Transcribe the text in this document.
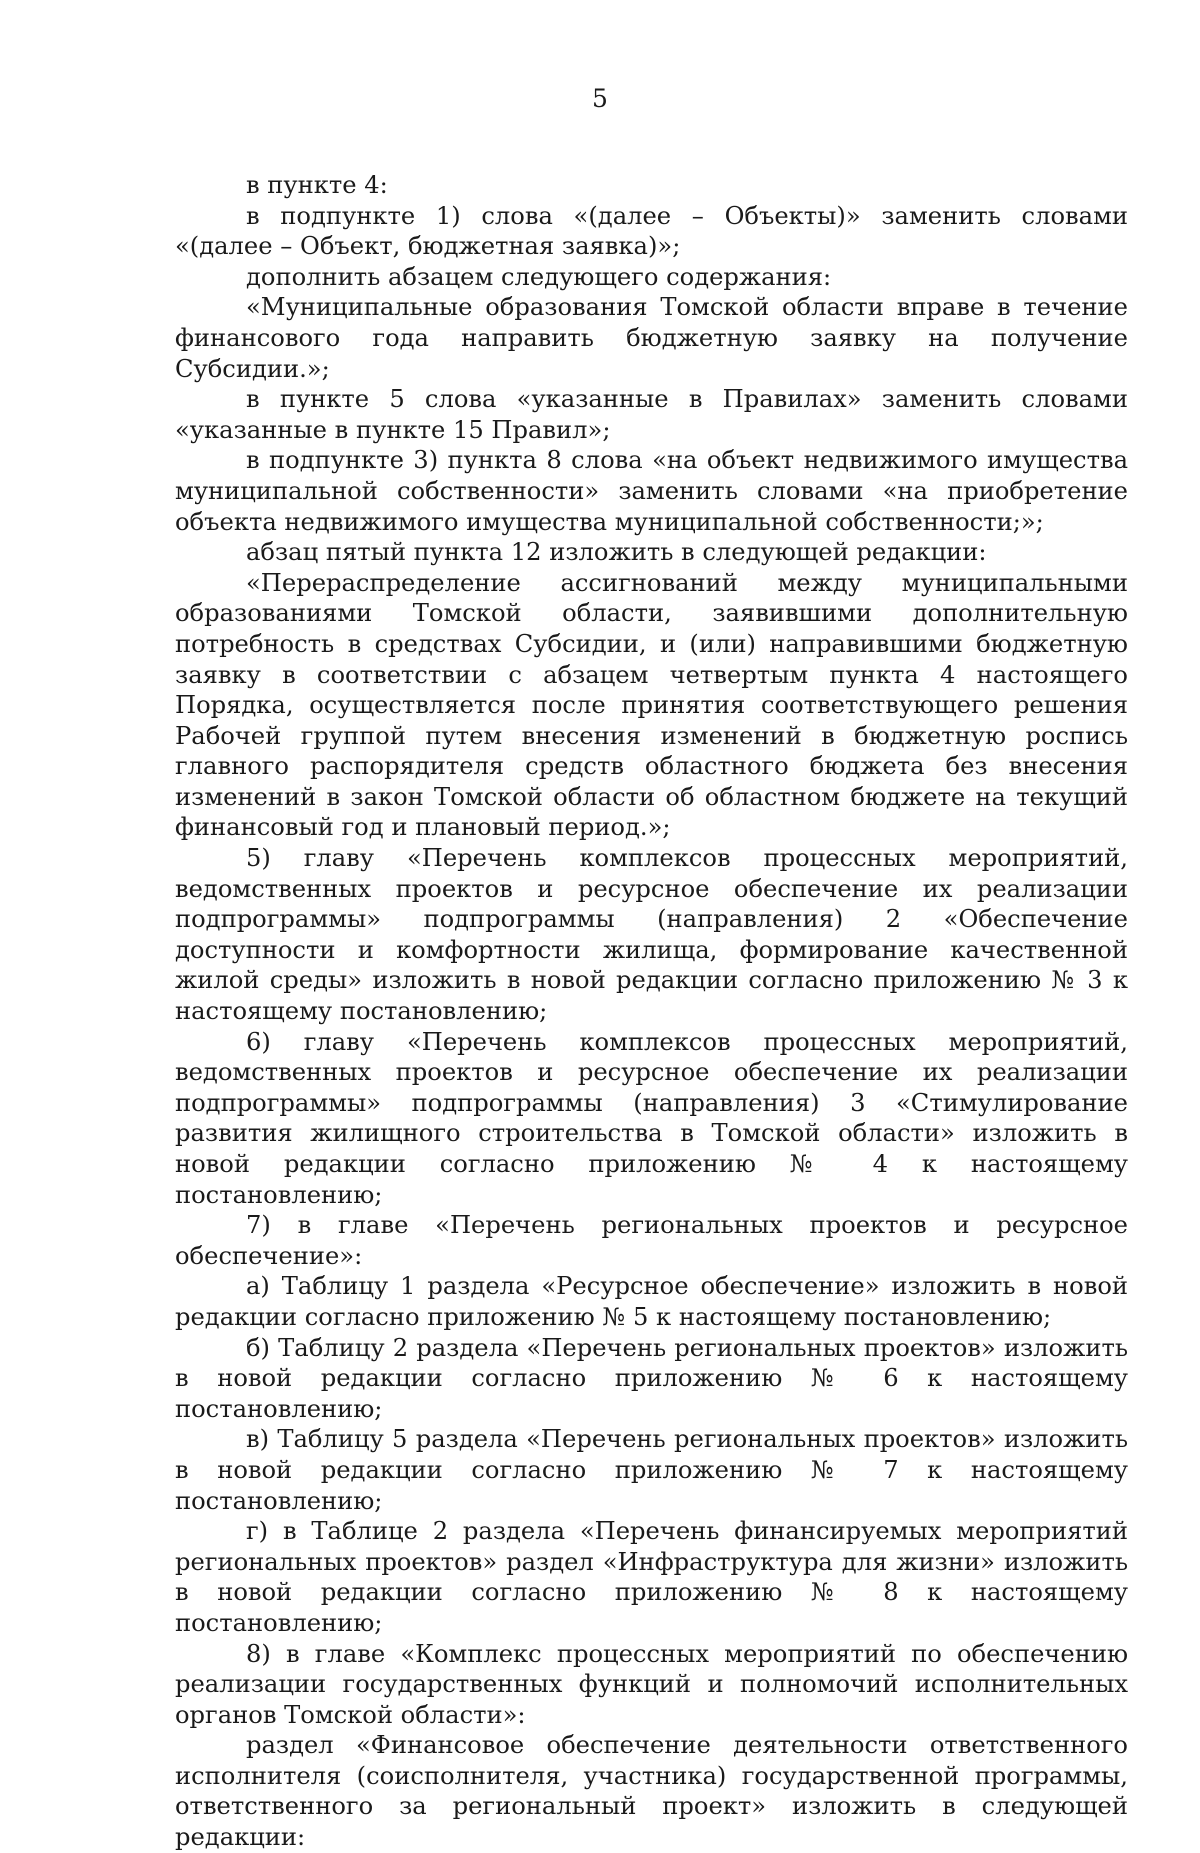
5

в пункте 4:

в подпункте 1) слова «(далее – Объекты)» заменить словами «(далее – Объект, бюджетная заявка)»;

дополнить абзацем следующего содержания:

«Муниципальные образования Томской области вправе в течение финансового года направить бюджетную заявку на получение Субсидии.»;

в пункте 5 слова «указанные в Правилах» заменить словами «указанные в пункте 15 Правил»;

в подпункте 3) пункта 8 слова «на объект недвижимого имущества муниципальной собственности» заменить словами «на приобретение объекта недвижимого имущества муниципальной собственности;»;

абзац пятый пункта 12 изложить в следующей редакции:

«Перераспределение ассигнований между муниципальными образованиями Томской области, заявившими дополнительную потребность в средствах Субсидии, и (или) направившими бюджетную заявку в соответствии с абзацем четвертым пункта 4 настоящего Порядка, осуществляется после принятия соответствующего решения Рабочей группой путем внесения изменений в бюджетную роспись главного распорядителя средств областного бюджета без внесения изменений в закон Томской области об областном бюджете на текущий финансовый год и плановый период.»;

5) главу «Перечень комплексов процессных мероприятий, ведомственных проектов и ресурсное обеспечение их реализации подпрограммы» подпрограммы (направления) 2 «Обеспечение доступности и комфортности жилища, формирование качественной жилой среды» изложить в новой редакции согласно приложению № 3 к настоящему постановлению;

6) главу «Перечень комплексов процессных мероприятий, ведомственных проектов и ресурсное обеспечение их реализации подпрограммы» подпрограммы (направления) 3 «Стимулирование развития жилищного строительства в Томской области» изложить в новой редакции согласно приложению № 4 к настоящему постановлению;

7) в главе «Перечень региональных проектов и ресурсное обеспечение»:

а) Таблицу 1 раздела «Ресурсное обеспечение» изложить в новой редакции согласно приложению № 5 к настоящему постановлению;

б) Таблицу 2 раздела «Перечень региональных проектов» изложить в новой редакции согласно приложению № 6 к настоящему постановлению;

в) Таблицу 5 раздела «Перечень региональных проектов» изложить в новой редакции согласно приложению № 7 к настоящему постановлению;

г) в Таблице 2 раздела «Перечень финансируемых мероприятий региональных проектов» раздел «Инфраструктура для жизни» изложить в новой редакции согласно приложению № 8 к настоящему постановлению;

8) в главе «Комплекс процессных мероприятий по обеспечению реализации государственных функций и полномочий исполнительных органов Томской области»:

раздел «Финансовое обеспечение деятельности ответственного исполнителя (соисполнителя, участника) государственной программы, ответственного за региональный проект» изложить в следующей редакции:
